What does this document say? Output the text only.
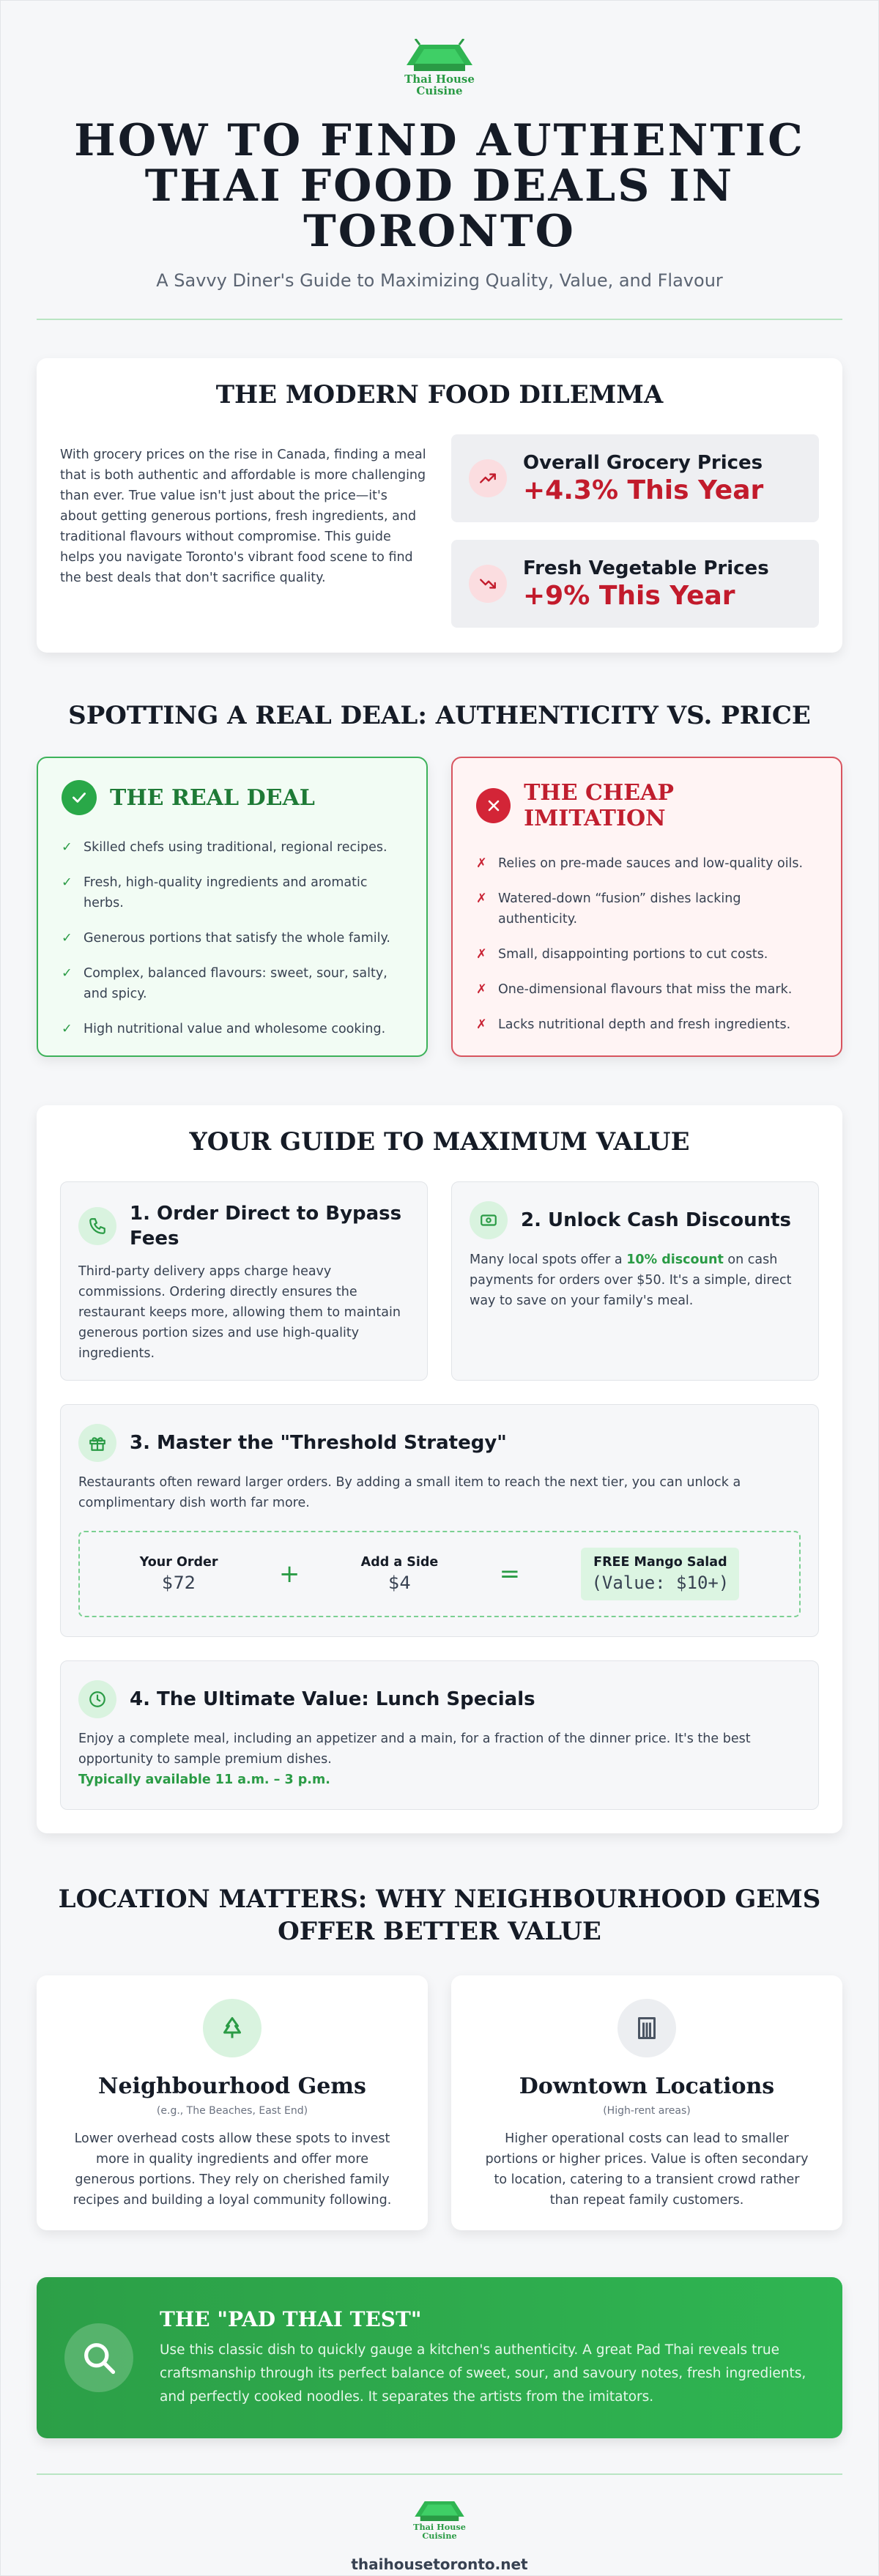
Thai House
Cuisine
HOW TO FIND AUTHENTIC THAI FOOD DEALS IN TORONTO
A Savvy Diner's Guide to Maximizing Quality, Value, and Flavour
THE MODERN FOOD DILEMMA

With grocery prices on the rise in Canada, finding a meal that is both authentic and affordable is more challenging than ever. True value isn't just about the price—it's about getting generous portions, fresh ingredients, and traditional flavours without compromise. This guide helps you navigate Toronto's vibrant food scene to find the best deals that don't sacrifice quality.

Overall Grocery Prices
+4.3% This Year
Fresh Vegetable Prices
+9% This Year
SPOTTING A REAL DEAL: AUTHENTICITY VS. PRICE
THE REAL DEAL
✓ Skilled chefs using traditional, regional recipes.
✓ Fresh, high-quality ingredients and aromatic herbs.
✓ Generous portions that satisfy the whole family.
✓ Complex, balanced flavours: sweet, sour, salty, and spicy.
✓ High nutritional value and wholesome cooking.
THE CHEAP IMITATION
✗ Relies on pre-made sauces and low-quality oils.
✗ Watered-down “fusion” dishes lacking authenticity.
✗ Small, disappointing portions to cut costs.
✗ One-dimensional flavours that miss the mark.
✗ Lacks nutritional depth and fresh ingredients.
YOUR GUIDE TO MAXIMUM VALUE
1. Order Direct to Bypass Fees

Third-party delivery apps charge heavy commissions. Ordering directly ensures the restaurant keeps more, allowing them to maintain generous portion sizes and use high-quality ingredients.

2. Unlock Cash Discounts

Many local spots offer a 10% discount on cash payments for orders over $50. It's a simple, direct way to save on your family's meal.

3. Master the "Threshold Strategy"

Restaurants often reward larger orders. By adding a small item to reach the next tier, you can unlock a complimentary dish worth far more.

Your Order
$72	+	Add a Side
$4	=	FREE Mango Salad
(Value: $10+)
4. The Ultimate Value: Lunch Specials

Enjoy a complete meal, including an appetizer and a main, for a fraction of the dinner price. It's the best opportunity to sample premium dishes.
Typically available 11 a.m. – 3 p.m.

LOCATION MATTERS: WHY NEIGHBOURHOOD GEMS OFFER BETTER VALUE
Neighbourhood Gems
(e.g., The Beaches, East End)

Lower overhead costs allow these spots to invest more in quality ingredients and offer more generous portions. They rely on cherished family recipes and building a loyal community following.

Downtown Locations
(High-rent areas)

Higher operational costs can lead to smaller portions or higher prices. Value is often secondary to location, catering to a transient crowd rather than repeat family customers.

THE "PAD THAI TEST"

Use this classic dish to quickly gauge a kitchen's authenticity. A great Pad Thai reveals true craftsmanship through its perfect balance of sweet, sour, and savoury notes, fresh ingredients, and perfectly cooked noodles. It separates the artists from the imitators.

Thai House
Cuisine
thaihousetoronto.net
